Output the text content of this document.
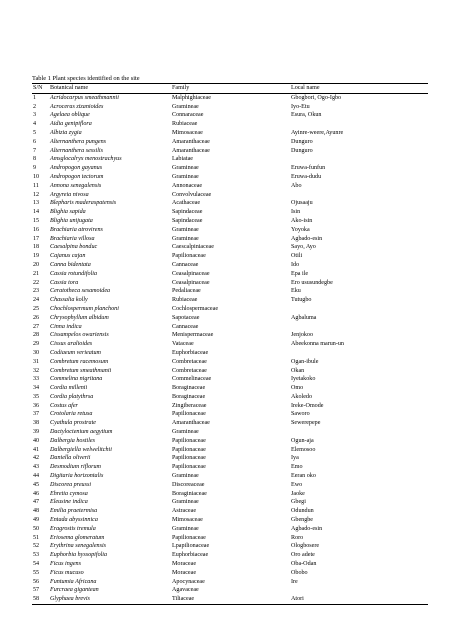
Table 1 Plant species identified on the site
S/N	Botanical name	Family	Local name
1	Acridocarpus smeathmannii	Malphighiaceae	Gbogbori, Ogo-Igbo
2	Acroceras zizanioides	Gramineae	Iyo-Etu
3	Agelaea oblique	Connaraceae	Esura, Okun
4	Aidia genipiflora	Rubiaceae	
5	Albizia zygia	Mimosaceae	Ayinre-weere,Ayunre
6	Alternanthera pungens	Amaranthaceae	Dunguro
7	Alternanthera sessilis	Amaranthaceae	Dunguro
8	Amsglocalryx menostrachyus	Labiatae	
9	Andropogon gayanus	Gramineae	Eruwa-funfun
10	Andropogon tectorum	Gramineae	Eruwa-dudu
11	Annona senegalensis	Annonaceae	Abo
12	Argyreia nivosa	Convolvulaceae	
13	Blepharis maderaspatensis	Acathaceae	Ojusaaju
14	Blighia sapida	Sapindaceae	Isin
15	Blighia unijugata	Sapindaceae	Ako-isin
16	Brachiaria atrovirens	Gramineae	Yoyoka
17	Brachiaria villosa	Gramineae	Agbado-esin
18	Caesalpina bonduc	Caescalpiniaceae	Sayo, Ayo
19	Cajanus cajan	Papilionaceae	Otili
20	Canna bidentata	Cannaceae	Ido
21	Cassia rotundifolia	Ceasalpinaceae	Epa ile
22	Cassia tora	Ceasalpinaceae	Ero ususundegbe
23	Ceratotheca sesamoidea	Pedaliaceae	Eku
24	Chassalia kolly	Rubiaceae	Tutugbo
25	Chochlospermum planchoni	Cochlospermaceae	
26	Chrysophyllum albidum	Sapotaceae	Agbaluma
27	Cinna indica	Cannaceae	
28	Cissampelos owariensis	Menispermaceae	Jenjokoo
29	Cissus aralioides	Vataceae	Abeekonna marun-un
30	Codiaeum verieatum	Euphorbiaceae	
31	Combretum racemosum	Combretaceae	Ogan-ibule
32	Combretum smeathmanii	Combretaceae	Okan
33	Commelina nigritana	Commelinaceae	Iyetakoko
34	Cordia millenii	Boraginaceae	Omo
35	Cordia platythrsa	Boraginaceae	Akoledo
36	Costus afer	Zingiberaceae	Ireke-Omode
37	Crotolaria retusa	Papilionaceae	Saworo
38	Cyathula prostrate	Amaranthaceae	Sewerepepe
39	Dactyloctenium aegytium	Gramineae	
40	Dalbergia hostiles	Papilionaceae	Ogun-aja
41	Dalbergiella welwelitchii	Papilionaceae	Elemosoo
42	Daniella oliverii	Papilionaceae	Iya
43	Desmodium riflorum	Papilionaceae	Emo
44	Digitaria horizontalis	Gramineae	Eeran oko
45	Discorea preussi	Discoreaceae	Ewo
46	Ehretia cymosa	Boraginiaceae	Jaoke
47	Eleusine indica	Gramineae	Gbegi
48	Emilia praetermisa	Astraceae	Odundun
49	Entada abyssinnica	Mimosaceae	Gbengbe
50	Eragrostis tremula	Gramineae	Agbado-esin
51	Eriosema glomeratum	Papilionaceae	Roro
52	Erythrina senegalensis	Lpapilionaceae	Ologbosere
53	Euphorbia hyssopifolia	Euphorbiaceae	Oro adete
54	Ficus ingens	Moraceae	Oba-Odan
55	Ficus mucuso	Moraceae	Obobo
56	Funtumia Africana	Apocynaceae	Ire
57	Furcraea gigantean	Agavaceae	
58	Glyphaea brevis	Tiliaceae	Atori
